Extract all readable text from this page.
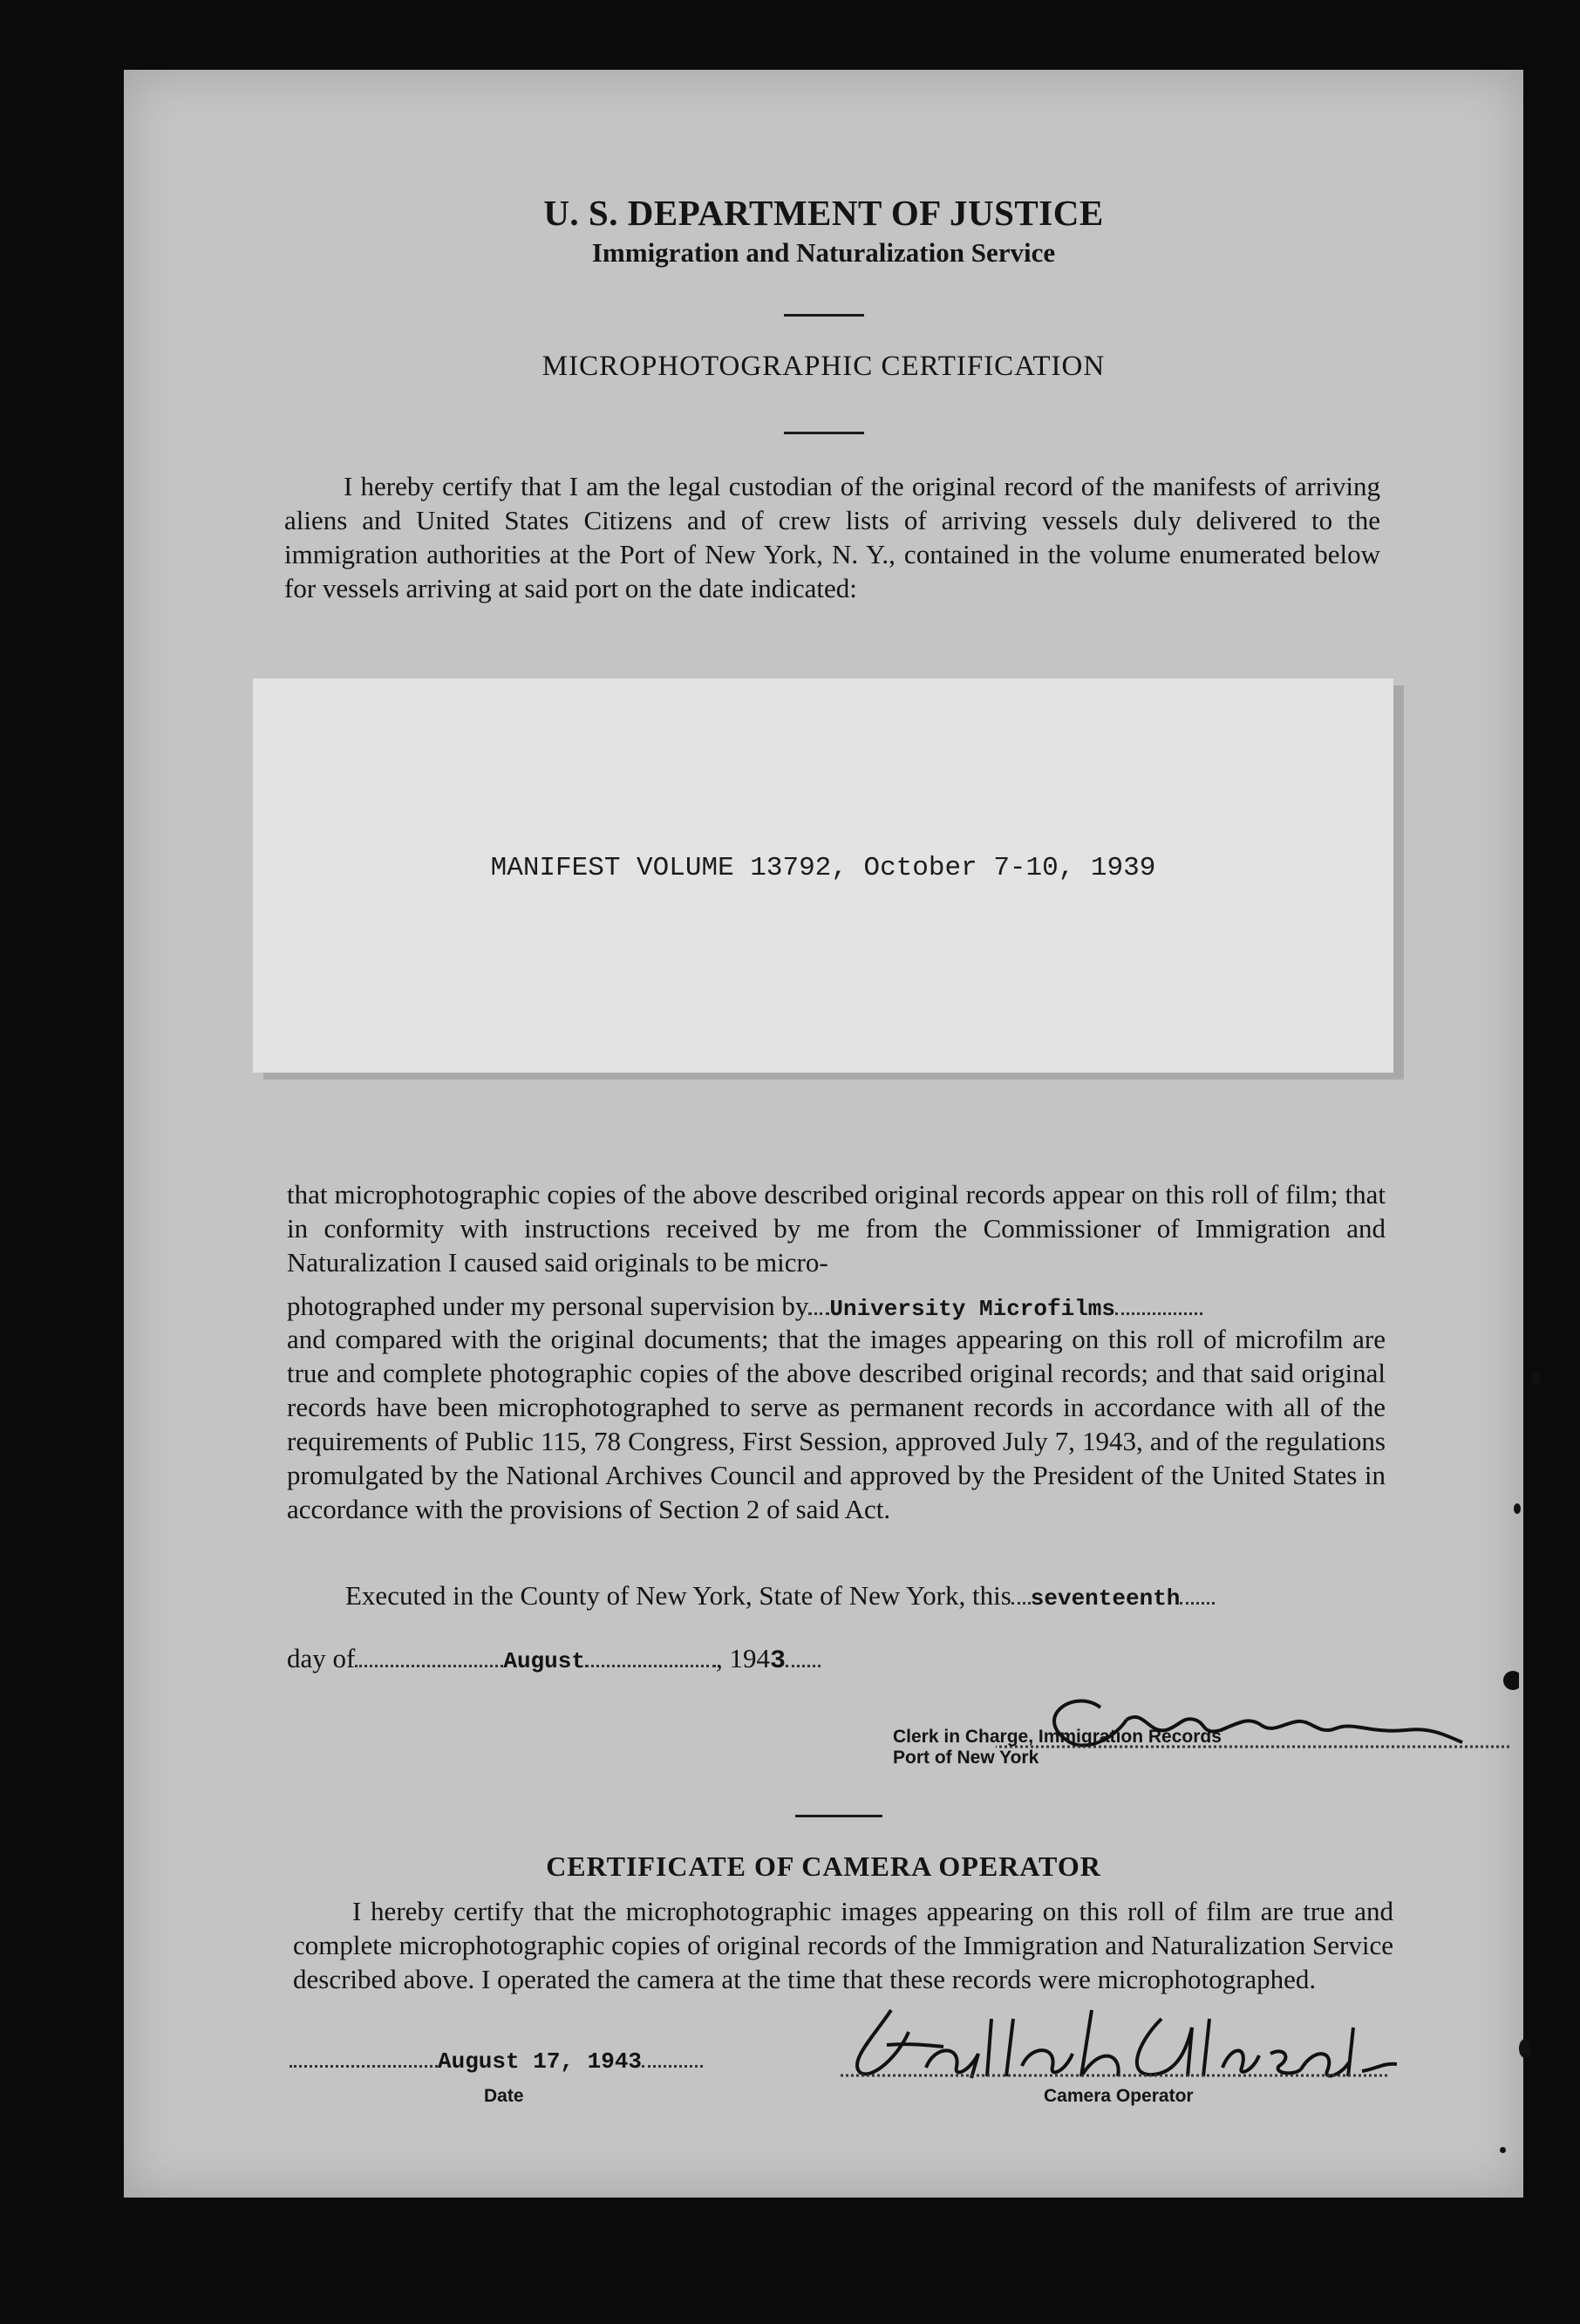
U. S. DEPARTMENT OF JUSTICE
Immigration and Naturalization Service
MICROPHOTOGRAPHIC CERTIFICATION
I hereby certify that I am the legal custodian of the original record of the manifests of arriving aliens and United States Citizens and of crew lists of arriving vessels duly delivered to the immigration authorities at the Port of New York, N. Y., contained in the volume enumerated below for vessels arriving at said port on the date indicated:
MANIFEST VOLUME 13792, October 7-10, 1939
that microphotographic copies of the above described original records appear on this roll of film; that in conformity with instructions received by me from the Commissioner of Immigration and Naturalization I caused said originals to be micro-
photographed under my personal supervision by University Microfilms
and compared with the original documents; that the images appearing on this roll of microfilm are true and complete photographic copies of the above described original records; and that said original records have been microphotographed to serve as permanent records in accordance with all of the requirements of Public 115, 78 Congress, First Session, approved July 7, 1943, and of the regulations promulgated by the National Archives Council and approved by the President of the United States in accordance with the provisions of Section 2 of said Act.
Executed in the County of New York, State of New York, this seventeenth
day of	August	, 1943
Clerk in Charge, Immigration Records
Port of New York
CERTIFICATE OF CAMERA OPERATOR
I hereby certify that the microphotographic images appearing on this roll of film are true and complete microphotographic copies of original records of the Immigration and Naturalization Service described above. I operated the camera at the time that these records were microphotographed.
August 17, 1943
Date	Camera Operator
